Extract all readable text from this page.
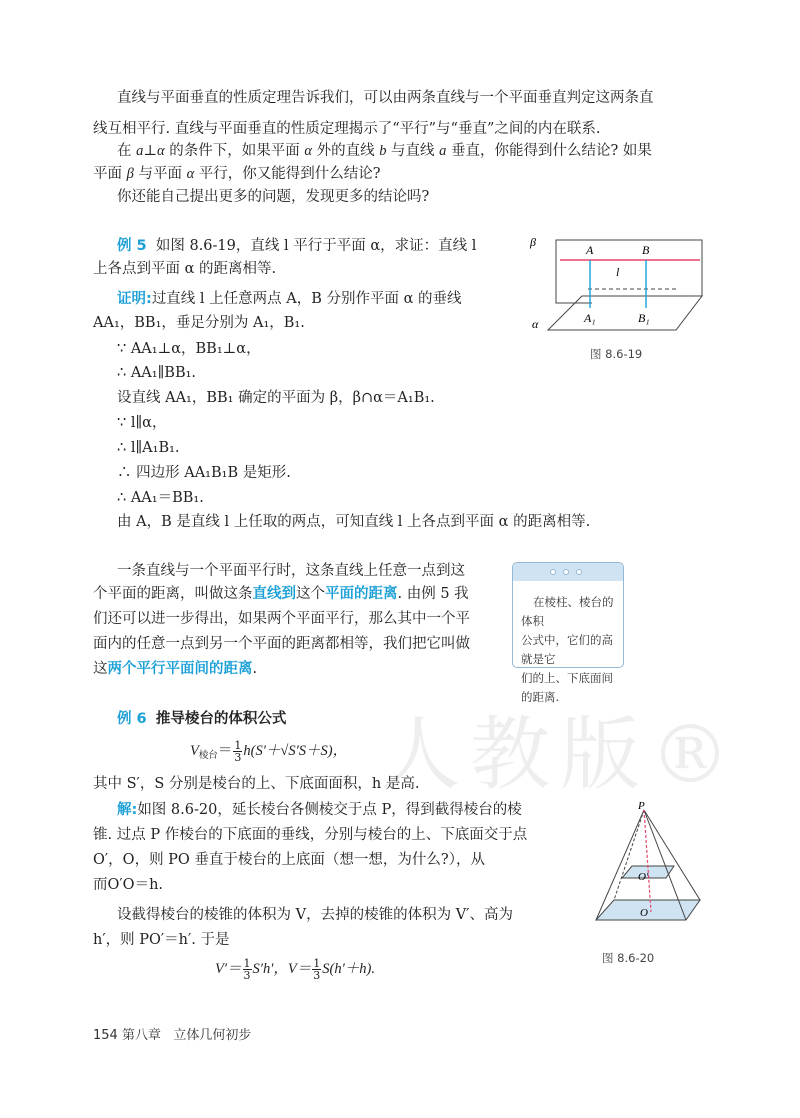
直线与平面垂直的性质定理告诉我们，可以由两条直线与一个平面垂直判定这两条直
线互相平行. 直线与平面垂直的性质定理揭示了“平行”与“垂直”之间的内在联系.
在 a⊥α 的条件下，如果平面 α 外的直线 b 与直线 a 垂直，你能得到什么结论? 如果
平面 β 与平面 α 平行，你又能得到什么结论?
你还能自己提出更多的问题，发现更多的结论吗?
例 5 如图 8.6-19，直线 l 平行于平面 α，求证：直线 l
上各点到平面 α 的距离相等.
证明:过直线 l 上任意两点 A，B 分别作平面 α 的垂线
AA₁，BB₁，垂足分别为 A₁，B₁.
∵ AA₁⊥α，BB₁⊥α，
∴ AA₁∥BB₁.
设直线 AA₁，BB₁ 确定的平面为 β，β∩α＝A₁B₁.
∵ l∥α，
∴ l∥A₁B₁.
∴ 四边形 AA₁B₁B 是矩形.
∴ AA₁＝BB₁.
由 A，B 是直线 l 上任取的两点，可知直线 l 上各点到平面 α 的距离相等.
β
A	B
l
A₁	B₁
α
图 8.6-19
一条直线与一个平面平行时，这条直线上任意一点到这
个平面的距离，叫做这条直线到这个平面的距离. 由例 5 我
们还可以进一步得出，如果两个平面平行，那么其中一个平
面内的任意一点到另一个平面的距离都相等，我们把它叫做
这两个平行平面间的距离.
在棱柱、棱台的体积
公式中，它们的高就是它
们的上、下底面间的距离.
人教版®
例 6 推导棱台的体积公式
$V_{棱台}= \frac{1}{3} h(S'+√S'S+S)$，
其中 S′，S 分别是棱台的上、下底面面积，h 是高.
解:如图 8.6-20，延长棱台各侧棱交于点 P，得到截得棱台的棱
锥. 过点 P 作棱台的下底面的垂线，分别与棱台的上、下底面交于点
O′，O，则 PO 垂直于棱台的上底面（想一想，为什么?），从
而O′O＝h.
设截得棱台的棱锥的体积为 V，去掉的棱锥的体积为 V′、高为
h′，则 PO′＝h′. 于是
$V'= \frac{1}{3} S'h'$，$V= \frac{1}{3} S(h'+h)$.
P
O′
O
图 8.6-20
154 第八章 立体几何初步
